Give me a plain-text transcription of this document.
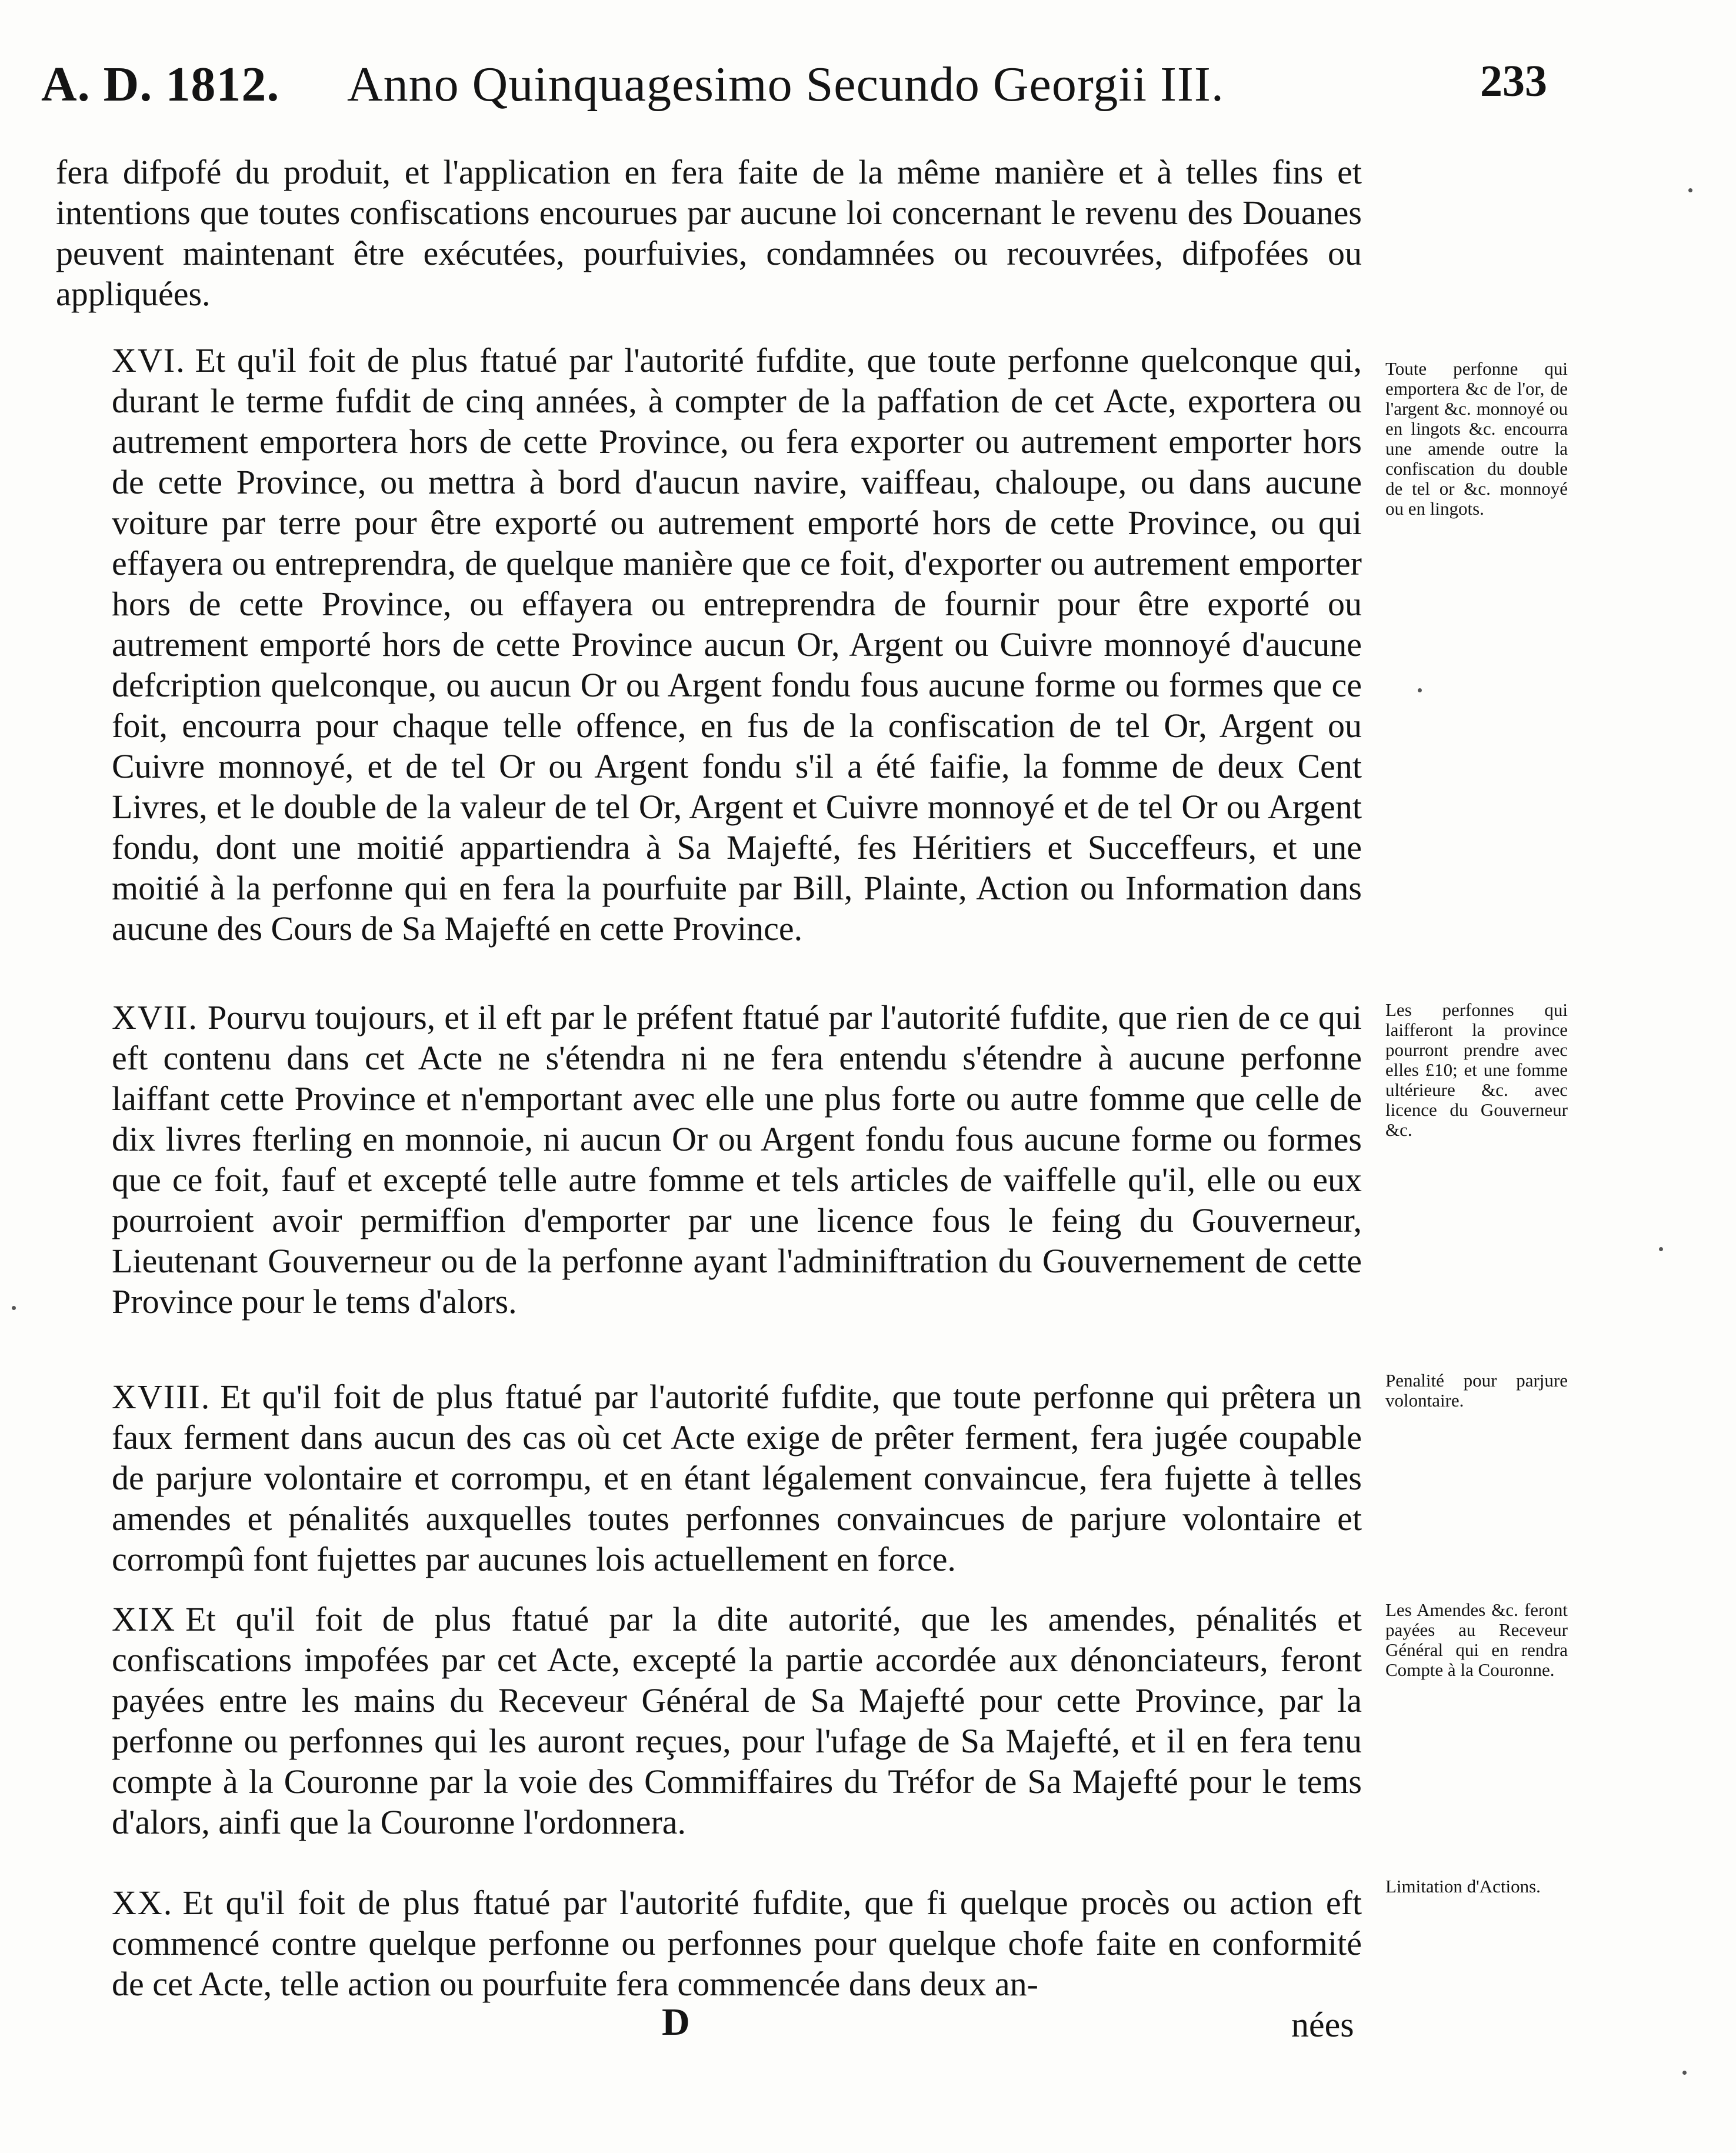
A. D. 1812. Anno Quinquagesimo Secundo Georgii III.	233

fera difpofé du produit, et l'application en fera faite de la même manière et à telles fins et intentions que toutes confiscations encourues par aucune loi concernant le revenu des Douanes peuvent maintenant être exécutées, pourfuivies, condamnées ou recouvrées, difpofées ou appliquées.

XVI. Et qu'il foit de plus ftatué par l'autorité fufdite, que toute perfonne quelconque qui, durant le terme fufdit de cinq années, à compter de la paffation de cet Acte, exportera ou autrement emportera hors de cette Province, ou fera exporter ou autrement emporter hors de cette Province, ou mettra à bord d'aucun navire, vaiffeau, chaloupe, ou dans aucune voiture par terre pour être exporté ou autrement emporté hors de cette Province, ou qui effayera ou entreprendra, de quelque manière que ce foit, d'exporter ou autrement emporter hors de cette Province, ou effayera ou entreprendra de fournir pour être exporté ou autrement emporté hors de cette Province aucun Or, Argent ou Cuivre monnoyé d'aucune defcription quelconque, ou aucun Or ou Argent fondu fous aucune forme ou formes que ce foit, encourra pour chaque telle offence, en fus de la confiscation de tel Or, Argent ou Cuivre monnoyé, et de tel Or ou Argent fondu s'il a été faifie, la fomme de deux Cent Livres, et le double de la valeur de tel Or, Argent et Cuivre monnoyé et de tel Or ou Argent fondu, dont une moitié appartiendra à Sa Majefté, fes Héritiers et Succeffeurs, et une moitié à la perfonne qui en fera la pourfuite par Bill, Plainte, Action ou Information dans aucune des Cours de Sa Majefté en cette Province.

Toute perfonne qui emportera &c de l'or, de l'argent &c. monnoyé ou en lingots &c. encourra une amende outre la confiscation du double de tel or &c. monnoyé ou en lingots.

XVII. Pourvu toujours, et il eft par le préfent ftatué par l'autorité fufdite, que rien de ce qui eft contenu dans cet Acte ne s'étendra ni ne fera entendu s'étendre à aucune perfonne laiffant cette Province et n'emportant avec elle une plus forte ou autre fomme que celle de dix livres fterling en monnoie, ni aucun Or ou Argent fondu fous aucune forme ou formes que ce foit, fauf et excepté telle autre fomme et tels articles de vaiffelle qu'il, elle ou eux pourroient avoir permiffion d'emporter par une licence fous le feing du Gouverneur, Lieutenant Gouverneur ou de la perfonne ayant l'adminiftration du Gouvernement de cette Province pour le tems d'alors.

Les perfonnes qui laifferont la province pourront prendre avec elles £10; et une fomme ultérieure &c. avec licence du Gouverneur &c.

XVIII. Et qu'il foit de plus ftatué par l'autorité fufdite, que toute perfonne qui prêtera un faux ferment dans aucun des cas où cet Acte exige de prêter ferment, fera jugée coupable de parjure volontaire et corrompu, et en étant légalement convaincue, fera fujette à telles amendes et pénalités auxquelles toutes perfonnes convaincues de parjure volontaire et corrompû font fujettes par aucunes lois actuellement en force.

Penalité pour parjure volontaire.

XIX Et qu'il foit de plus ftatué par la dite autorité, que les amendes, pénalités et confiscations impofées par cet Acte, excepté la partie accordée aux dénonciateurs, feront payées entre les mains du Receveur Général de Sa Majefté pour cette Province, par la perfonne ou perfonnes qui les auront reçues, pour l'ufage de Sa Majefté, et il en fera tenu compte à la Couronne par la voie des Commiffaires du Tréfor de Sa Majefté pour le tems d'alors, ainfi que la Couronne l'ordonnera.

Les Amendes &c. feront payées au Receveur Général qui en rendra Compte à la Couronne.

XX. Et qu'il foit de plus ftatué par l'autorité fufdite, que fi quelque procès ou action eft commencé contre quelque perfonne ou perfonnes pour quelque chofe faite en conformité de cet Acte, telle action ou pourfuite fera commencée dans deux an-

Limitation d'Actions.
D	nées
